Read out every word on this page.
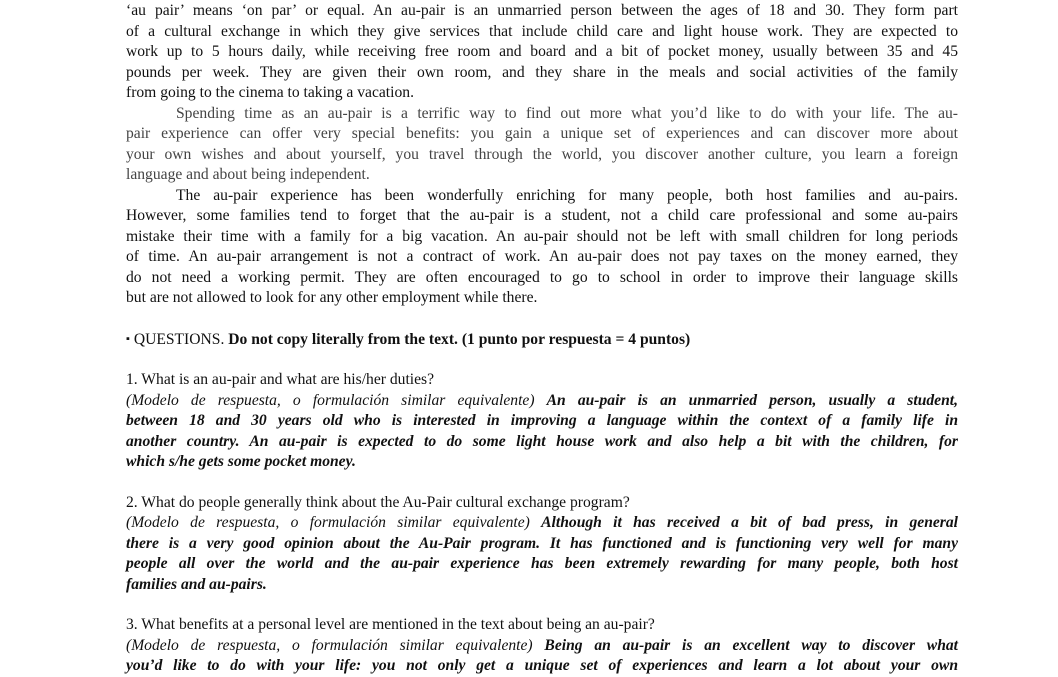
‘au pair’ means ‘on par’ or equal. An au-pair is an unmarried person between the ages of 18 and 30. They form part

of a cultural exchange in which they give services that include child care and light house work. They are expected to

work up to 5 hours daily, while receiving free room and board and a bit of pocket money, usually between 35 and 45

pounds per week. They are given their own room, and they share in the meals and social activities of the family

from going to the cinema to taking a vacation.

Spending time as an au-pair is a terrific way to find out more what you’d like to do with your life. The au-

pair experience can offer very special benefits: you gain a unique set of experiences and can discover more about

your own wishes and about yourself, you travel through the world, you discover another culture, you learn a foreign

language and about being independent.

The au-pair experience has been wonderfully enriching for many people, both host families and au-pairs.

However, some families tend to forget that the au-pair is a student, not a child care professional and some au-pairs

mistake their time with a family for a big vacation. An au-pair should not be left with small children for long periods

of time. An au-pair arrangement is not a contract of work. An au-pair does not pay taxes on the money earned, they

do not need a working permit. They are often encouraged to go to school in order to improve their language skills

but are not allowed to look for any other employment while there.

▪ QUESTIONS. Do not copy literally from the text. (1 punto por respuesta = 4 puntos)

1. What is an au-pair and what are his/her duties?

(Modelo de respuesta, o formulación similar equivalente) An au-pair is an unmarried person, usually a student,

between 18 and 30 years old who is interested in improving a language within the context of a family life in

another country. An au-pair is expected to do some light house work and also help a bit with the children, for

which s/he gets some pocket money.

2. What do people generally think about the Au-Pair cultural exchange program?

(Modelo de respuesta, o formulación similar equivalente) Although it has received a bit of bad press, in general

there is a very good opinion about the Au-Pair program. It has functioned and is functioning very well for many

people all over the world and the au-pair experience has been extremely rewarding for many people, both host

families and au-pairs.

3. What benefits at a personal level are mentioned in the text about being an au-pair?

(Modelo de respuesta, o formulación similar equivalente) Being an au-pair is an excellent way to discover what

you’d like to do with your life: you not only get a unique set of experiences and learn a lot about your own
